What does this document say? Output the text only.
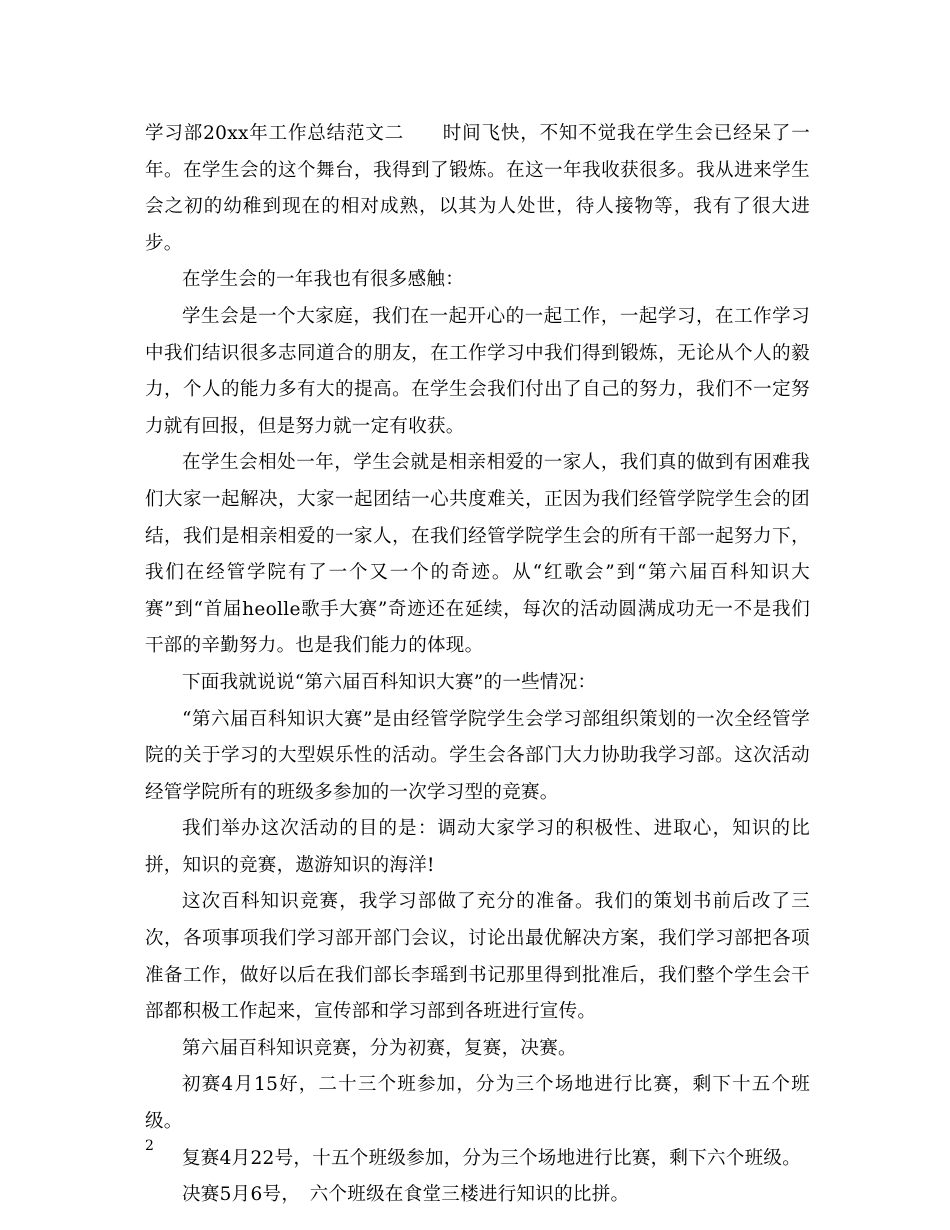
学习部20xx年工作总结范文二　　时间飞快，不知不觉我在学生会已经呆了一年。在学生会的这个舞台，我得到了锻炼。在这一年我收获很多。我从进来学生会之初的幼稚到现在的相对成熟，以其为人处世，待人接物等，我有了很大进步。

在学生会的一年我也有很多感触：

学生会是一个大家庭，我们在一起开心的一起工作，一起学习，在工作学习中我们结识很多志同道合的朋友，在工作学习中我们得到锻炼，无论从个人的毅力，个人的能力多有大的提高。在学生会我们付出了自己的努力，我们不一定努力就有回报，但是努力就一定有收获。

在学生会相处一年，学生会就是相亲相爱的一家人，我们真的做到有困难我们大家一起解决，大家一起团结一心共度难关，正因为我们经管学院学生会的团结，我们是相亲相爱的一家人，在我们经管学院学生会的所有干部一起努力下，我们在经管学院有了一个又一个的奇迹。从“红歌会”到“第六届百科知识大赛”到“首届heolle歌手大赛”奇迹还在延续，每次的活动圆满成功无一不是我们干部的辛勤努力。也是我们能力的体现。

下面我就说说“第六届百科知识大赛”的一些情况：

“第六届百科知识大赛”是由经管学院学生会学习部组织策划的一次全经管学院的关于学习的大型娱乐性的活动。学生会各部门大力协助我学习部。这次活动经管学院所有的班级多参加的一次学习型的竞赛。

我们举办这次活动的目的是：调动大家学习的积极性、进取心，知识的比拼，知识的竞赛，遨游知识的海洋!

这次百科知识竞赛，我学习部做了充分的准备。我们的策划书前后改了三次，各项事项我们学习部开部门会议，讨论出最优解决方案，我们学习部把各项准备工作，做好以后在我们部长李瑶到书记那里得到批准后，我们整个学生会干部都积极工作起来，宣传部和学习部到各班进行宣传。

第六届百科知识竞赛，分为初赛，复赛，决赛。

初赛4月15好，二十三个班参加，分为三个场地进行比赛，剩下十五个班级。

复赛4月22号，十五个班级参加，分为三个场地进行比赛，剩下六个班级。

决赛5月6号，　六个班级在食堂三楼进行知识的比拼。

2
